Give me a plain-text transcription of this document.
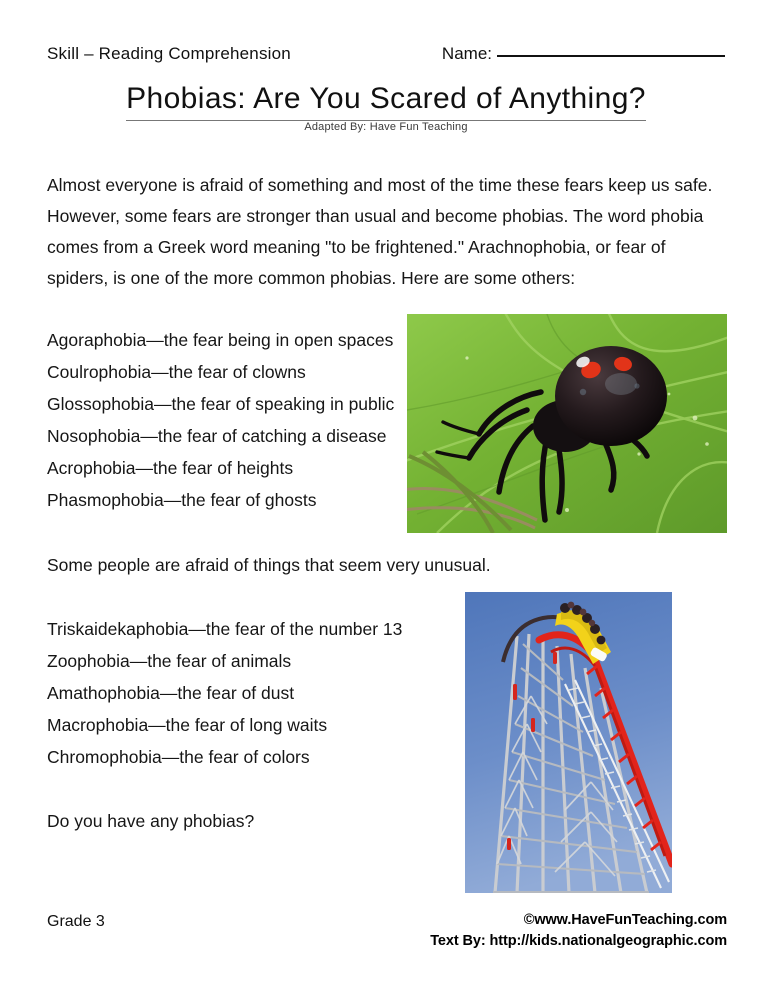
Skill – Reading Comprehension	Name:
Phobias: Are You Scared of Anything?
Adapted By: Have Fun Teaching
Almost everyone is afraid of something and most of the time these fears keep us safe.
However, some fears are stronger than usual and become phobias. The word phobia
comes from a Greek word meaning "to be frightened." Arachnophobia, or fear of
spiders, is one of the more common phobias. Here are some others:
Agoraphobia—the fear being in open spaces
Coulrophobia—the fear of clowns
Glossophobia—the fear of speaking in public
Nosophobia—the fear of catching a disease
Acrophobia—the fear of heights
Phasmophobia—the fear of ghosts
Some people are afraid of things that seem very unusual.
Triskaidekaphobia—the fear of the number 13
Zoophobia—the fear of animals
Amathophobia—the fear of dust
Macrophobia—the fear of long waits
Chromophobia—the fear of colors
Do you have any phobias?
Grade 3	©www.HaveFunTeaching.com
Text By: http://kids.nationalgeographic.com
